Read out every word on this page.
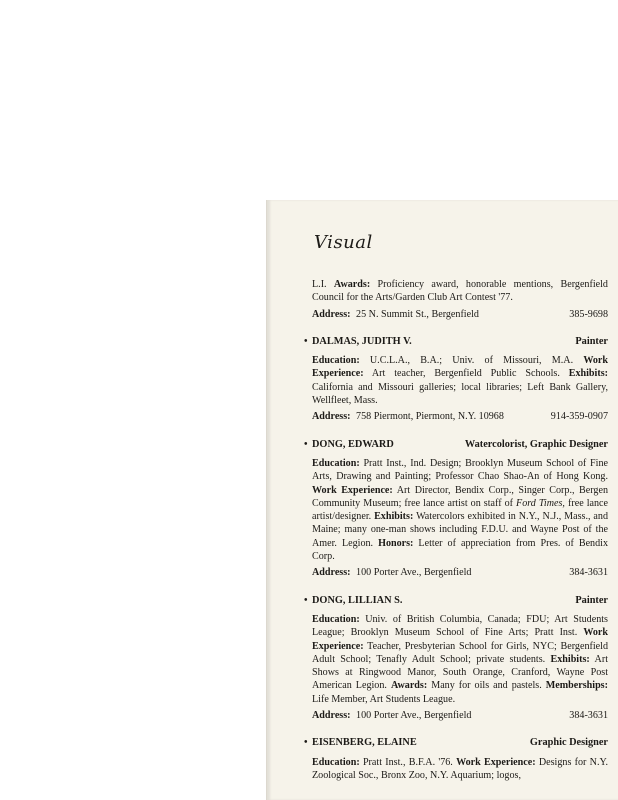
Visual

L.I. Awards: Proficiency award, honorable mentions, Bergenfield Council for the Arts/Garden Club Art Contest '77.

Address: 25 N. Summit St., Bergenfield	385-9698
• DALMAS, JUDITH V.	Painter

Education: U.C.L.A., B.A.; Univ. of Missouri, M.A. Work Experience: Art teacher, Bergenfield Public Schools. Exhibits: California and Missouri galleries; local libraries; Left Bank Gallery, Wellfleet, Mass.

Address: 758 Piermont, Piermont, N.Y. 10968	914-359-0907
• DONG, EDWARD	Watercolorist, Graphic Designer

Education: Pratt Inst., Ind. Design; Brooklyn Museum School of Fine Arts, Drawing and Painting; Professor Chao Shao-An of Hong Kong. Work Experience: Art Director, Bendix Corp., Singer Corp., Bergen Community Museum; free lance artist on staff of Ford Times, free lance artist/designer. Exhibits: Watercolors exhibited in N.Y., N.J., Mass., and Maine; many one-man shows including F.D.U. and Wayne Post of the Amer. Legion. Honors: Letter of appreciation from Pres. of Bendix Corp.

Address: 100 Porter Ave., Bergenfield	384-3631
• DONG, LILLIAN S.	Painter

Education: Univ. of British Columbia, Canada; FDU; Art Students League; Brooklyn Museum School of Fine Arts; Pratt Inst. Work Experience: Teacher, Presbyterian School for Girls, NYC; Bergenfield Adult School; Tenafly Adult School; private students. Exhibits: Art Shows at Ringwood Manor, South Orange, Cranford, Wayne Post American Legion. Awards: Many for oils and pastels. Memberships: Life Member, Art Students League.

Address: 100 Porter Ave., Bergenfield	384-3631
• EISENBERG, ELAINE	Graphic Designer

Education: Pratt Inst., B.F.A. '76. Work Experience: Designs for N.Y. Zoological Soc., Bronx Zoo, N.Y. Aquarium; logos,
